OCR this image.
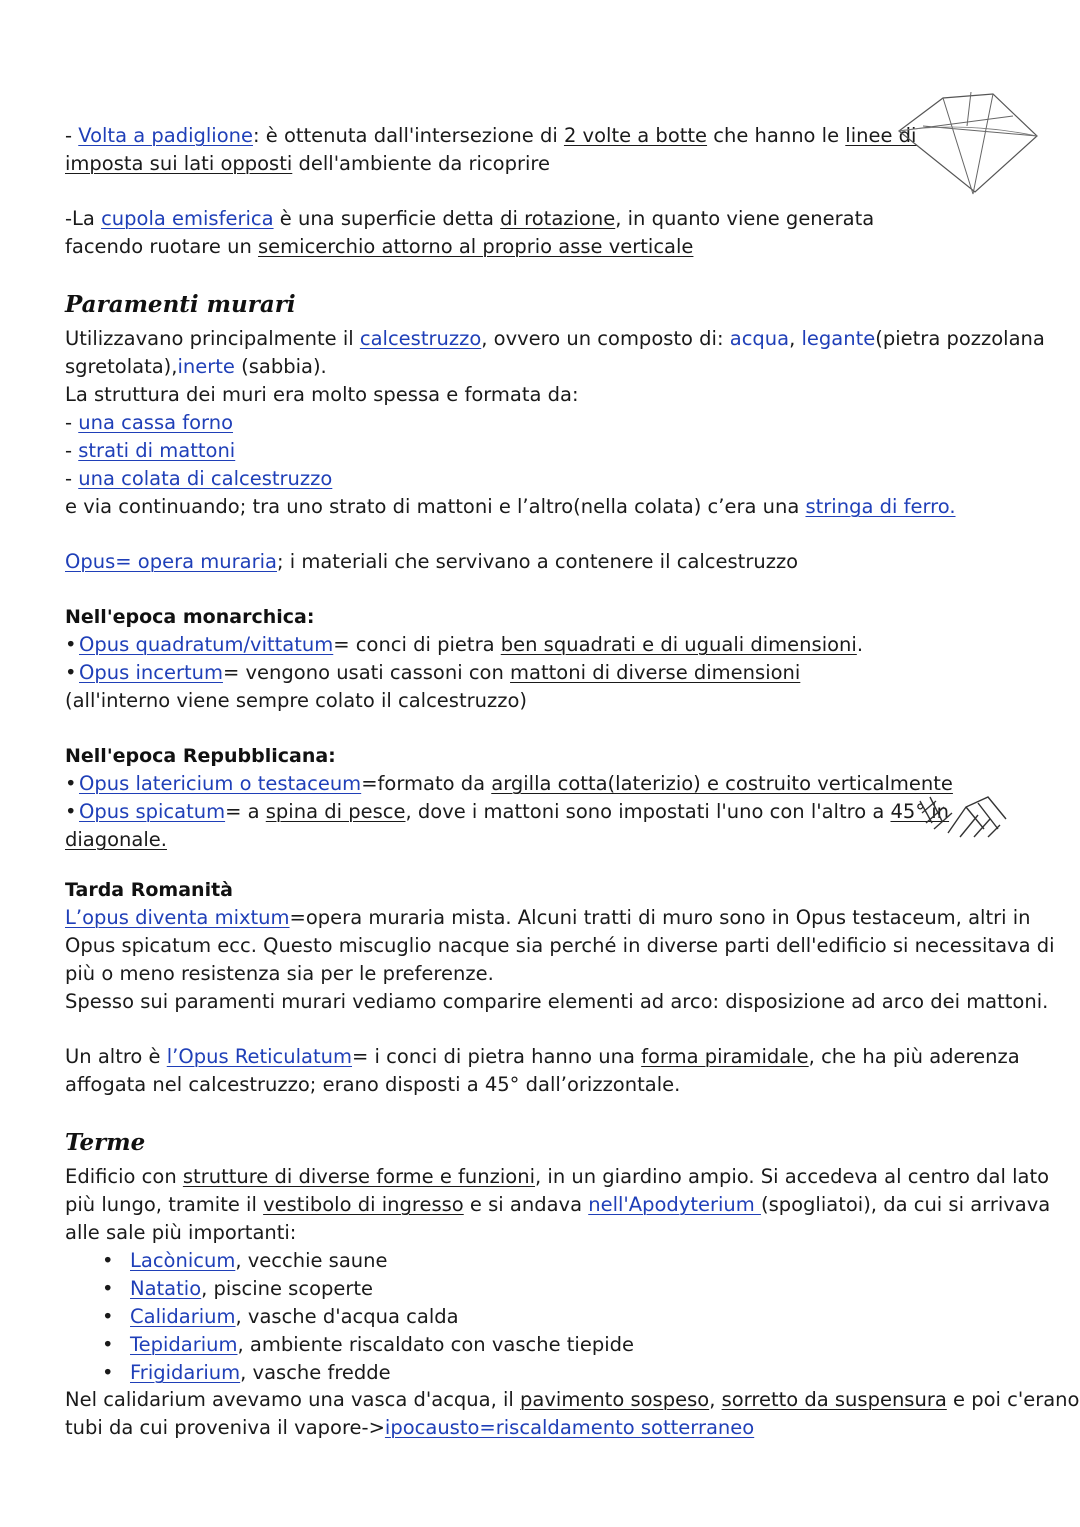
- Volta a padiglione: è ottenuta dall'intersezione di 2 volte a botte che hanno le linee di
imposta sui lati opposti dell'ambiente da ricoprire
-La cupola emisferica è una superficie detta di rotazione, in quanto viene generata
facendo ruotare un semicerchio attorno al proprio asse verticale
Paramenti murari
Utilizzavano principalmente il calcestruzzo, ovvero un composto di: acqua, legante(pietra pozzolana
sgretolata),inerte (sabbia).
La struttura dei muri era molto spessa e formata da:
- una cassa forno
- strati di mattoni
- una colata di calcestruzzo
e via continuando; tra uno strato di mattoni e l’altro(nella colata) c’era una stringa di ferro.
Opus= opera muraria; i materiali che servivano a contenere il calcestruzzo
Nell'epoca monarchica:
• Opus quadratum/vittatum= conci di pietra ben squadrati e di uguali dimensioni.
• Opus incertum= vengono usati cassoni con mattoni di diverse dimensioni
(all'interno viene sempre colato il calcestruzzo)
Nell'epoca Repubblicana:
• Opus latericium o testaceum=formato da argilla cotta(laterizio) e costruito verticalmente
• Opus spicatum= a spina di pesce, dove i mattoni sono impostati l'uno con l'altro a 45° in
diagonale.
Tarda Romanità
L’opus diventa mixtum=opera muraria mista. Alcuni tratti di muro sono in Opus testaceum, altri in
Opus spicatum ecc. Questo miscuglio nacque sia perché in diverse parti dell'edificio si necessitava di
più o meno resistenza sia per le preferenze.
Spesso sui paramenti murari vediamo comparire elementi ad arco: disposizione ad arco dei mattoni.
Un altro è l’Opus Reticulatum= i conci di pietra hanno una forma piramidale, che ha più aderenza
affogata nel calcestruzzo; erano disposti a 45° dall’orizzontale.
Terme
Edificio con strutture di diverse forme e funzioni, in un giardino ampio. Si accedeva al centro dal lato
più lungo, tramite il vestibolo di ingresso e si andava nell'Apodyterium (spogliatoi), da cui si arrivava
alle sale più importanti:
• Lacònicum, vecchie saune
• Natatio, piscine scoperte
• Calidarium, vasche d'acqua calda
• Tepidarium, ambiente riscaldato con vasche tiepide
• Frigidarium, vasche fredde
Nel calidarium avevamo una vasca d'acqua, il pavimento sospeso, sorretto da suspensura e poi c'erano
tubi da cui proveniva il vapore->ipocausto=riscaldamento sotterraneo
